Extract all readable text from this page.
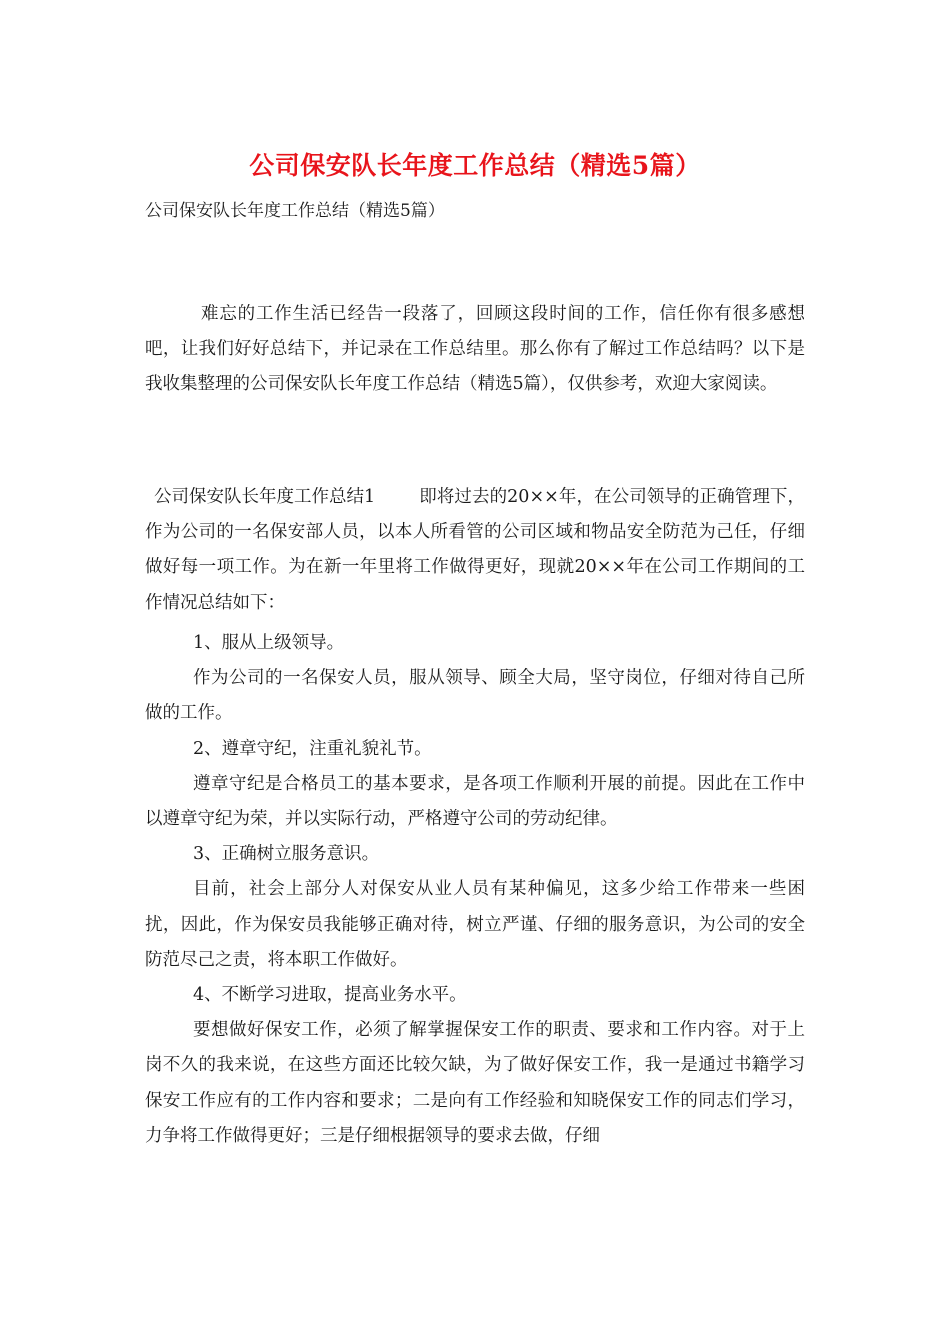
公司保安队长年度工作总结（精选5篇）
公司保安队长年度工作总结（精选5篇）
难忘的工作生活已经告一段落了，回顾这段时间的工作，信任你有很多感想吧，让我们好好总结下，并记录在工作总结里。那么你有了解过工作总结吗？以下是我收集整理的公司保安队长年度工作总结（精选5篇），仅供参考，欢迎大家阅读。
公司保安队长年度工作总结1	即将过去的20××年，在公司领导的正确管理下，作为公司的一名保安部人员，以本人所看管的公司区域和物品安全防范为己任，仔细做好每一项工作。为在新一年里将工作做得更好，现就20××年在公司工作期间的工作情况总结如下：

1、服从上级领导。

作为公司的一名保安人员，服从领导、顾全大局，坚守岗位，仔细对待自己所做的工作。

2、遵章守纪，注重礼貌礼节。

遵章守纪是合格员工的基本要求，是各项工作顺利开展的前提。因此在工作中以遵章守纪为荣，并以实际行动，严格遵守公司的劳动纪律。

3、正确树立服务意识。

目前，社会上部分人对保安从业人员有某种偏见，这多少给工作带来一些困扰，因此，作为保安员我能够正确对待，树立严谨、仔细的服务意识，为公司的安全防范尽己之责，将本职工作做好。

4、不断学习进取，提高业务水平。

要想做好保安工作，必须了解掌握保安工作的职责、要求和工作内容。对于上岗不久的我来说，在这些方面还比较欠缺，为了做好保安工作，我一是通过书籍学习保安工作应有的工作内容和要求；二是向有工作经验和知晓保安工作的同志们学习，力争将工作做得更好；三是仔细根据领导的要求去做，仔细
